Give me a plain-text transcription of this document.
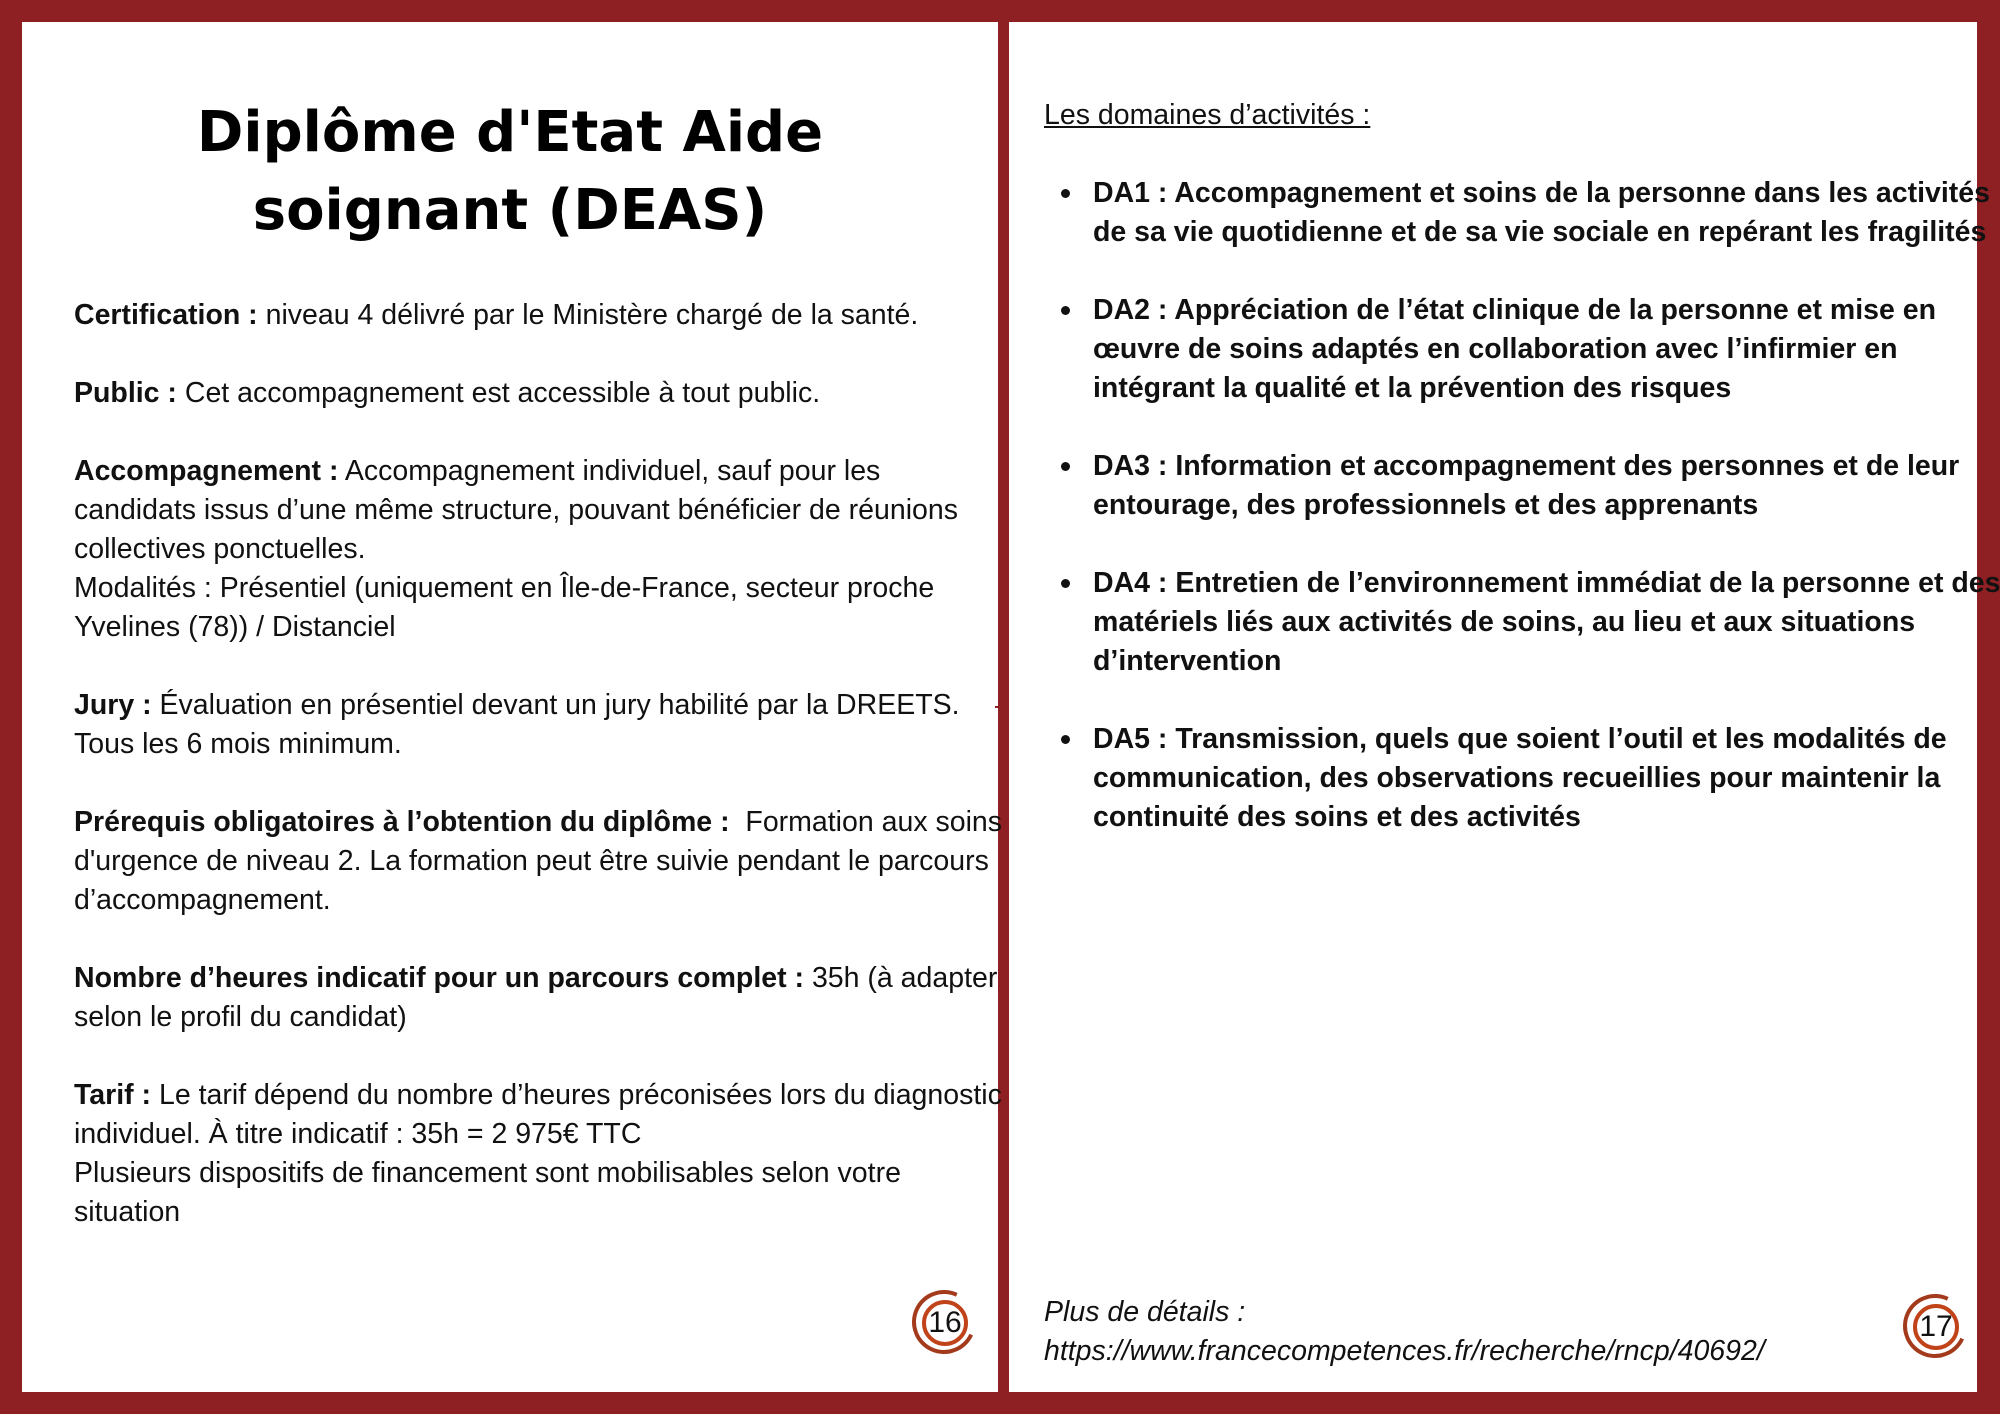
Diplôme d'Etat Aide soignant (DEAS)

Certification : niveau 4 délivré par le Ministère chargé de la santé.

Public : Cet accompagnement est accessible à tout public.

Accompagnement : Accompagnement individuel, sauf pour les candidats issus d’une même structure, pouvant bénéficier de réunions collectives ponctuelles.
Modalités : Présentiel (uniquement en Île-de-France, secteur proche Yvelines (78)) / Distanciel

Jury : Évaluation en présentiel devant un jury habilité par la DREETS. Tous les 6 mois minimum.

Prérequis obligatoires à l’obtention du diplôme : Formation aux soins d'urgence de niveau 2. La formation peut être suivie pendant le parcours d’accompagnement.

Nombre d’heures indicatif pour un parcours complet : 35h (à adapter selon le profil du candidat)

Tarif : Le tarif dépend du nombre d’heures préconisées lors du diagnostic individuel. À titre indicatif : 35h = 2 975€ TTC
Plusieurs dispositifs de financement sont mobilisables selon votre situation

Les domaines d’activités :

DA1 : Accompagnement et soins de la personne dans les activités de sa vie quotidienne et de sa vie sociale en repérant les fragilités
DA2 : Appréciation de l’état clinique de la personne et mise en œuvre de soins adaptés en collaboration avec l’infirmier en intégrant la qualité et la prévention des risques
DA3 : Information et accompagnement des personnes et de leur entourage, des professionnels et des apprenants
DA4 : Entretien de l’environnement immédiat de la personne et des matériels liés aux activités de soins, au lieu et aux situations d’intervention
DA5 : Transmission, quels que soient l’outil et les modalités de communication, des observations recueillies pour maintenir la continuité des soins et des activités
Plus de détails :
https://www.francecompetences.fr/recherche/rncp/40692/
16	17
